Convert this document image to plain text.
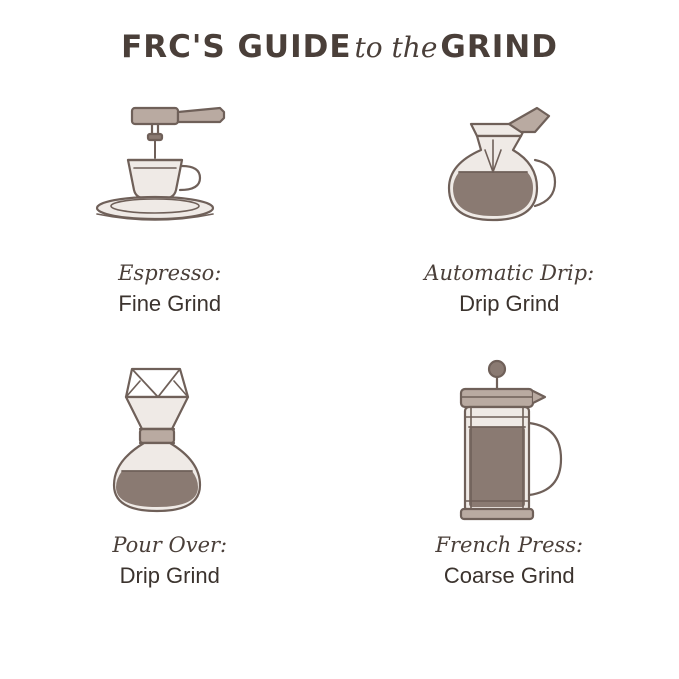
FRC'S GUIDE to theGRIND
Espresso:
Fine Grind
Automatic Drip:
Drip Grind
Pour Over:
Drip Grind
French Press:
Coarse Grind
